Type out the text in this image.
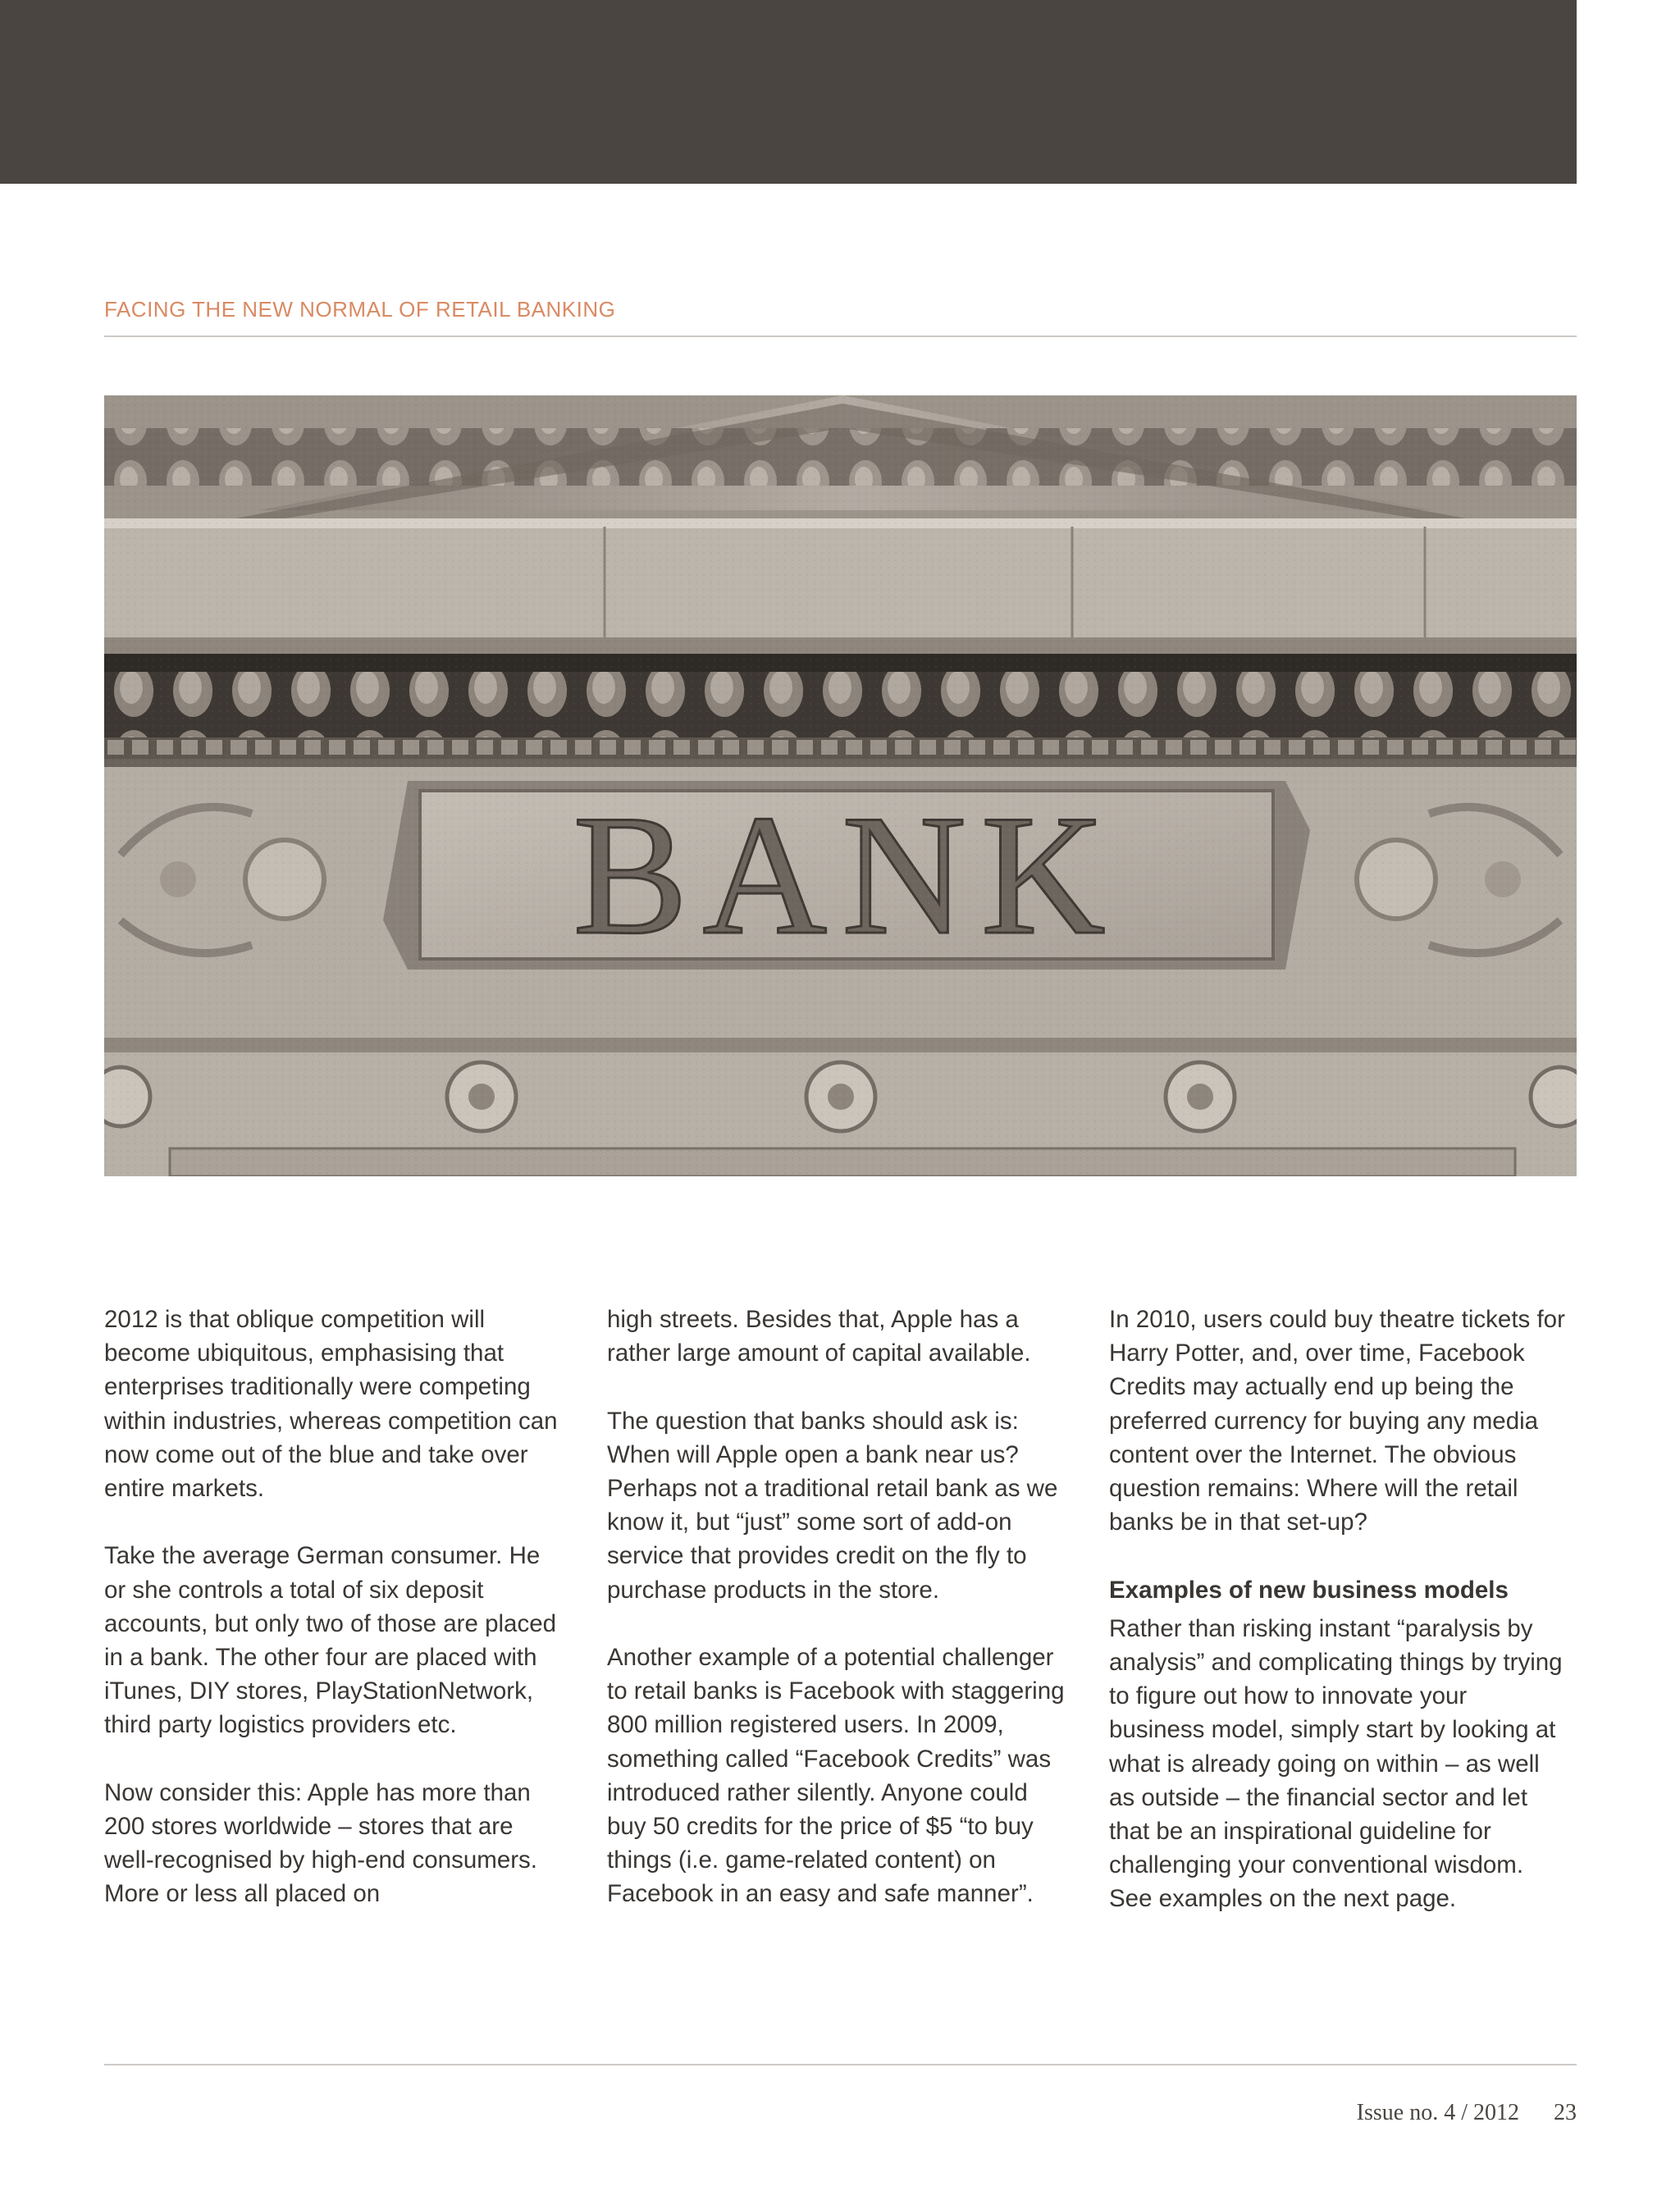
FACING THE NEW NORMAL OF RETAIL BANKING

2012 is that oblique competition will become ubiquitous, emphasising that enterprises traditionally were competing within industries, whereas competition can now come out of the blue and take over entire markets.

Take the average German consumer. He or she controls a total of six deposit accounts, but only two of those are placed in a bank. The other four are placed with iTunes, DIY stores, PlayStationNetwork, third party logistics providers etc.

Now consider this: Apple has more than 200 stores worldwide – stores that are well-recognised by high-end consumers. More or less all placed on

high streets. Besides that, Apple has a rather large amount of capital available.

The question that banks should ask is: When will Apple open a bank near us? Perhaps not a traditional retail bank as we know it, but “just” some sort of add-on service that provides credit on the fly to purchase products in the store.

Another example of a potential challenger to retail banks is Facebook with staggering 800 million registered users. In 2009, something called “Facebook Credits” was introduced rather silently. Anyone could buy 50 credits for the price of $5 “to buy things (i.e. game-related content) on Facebook in an easy and safe manner”.

In 2010, users could buy theatre tickets for Harry Potter, and, over time, Facebook Credits may actually end up being the preferred currency for buying any media content over the Internet. The obvious question remains: Where will the retail banks be in that set-up?

Examples of new business models

Rather than risking instant “paralysis by analysis” and complicating things by trying to figure out how to innovate your business model, simply start by looking at what is already going on within – as well as outside – the financial sector and let that be an inspirational guideline for challenging your conventional wisdom. See examples on the next page.

Issue no. 4 / 2012 23
